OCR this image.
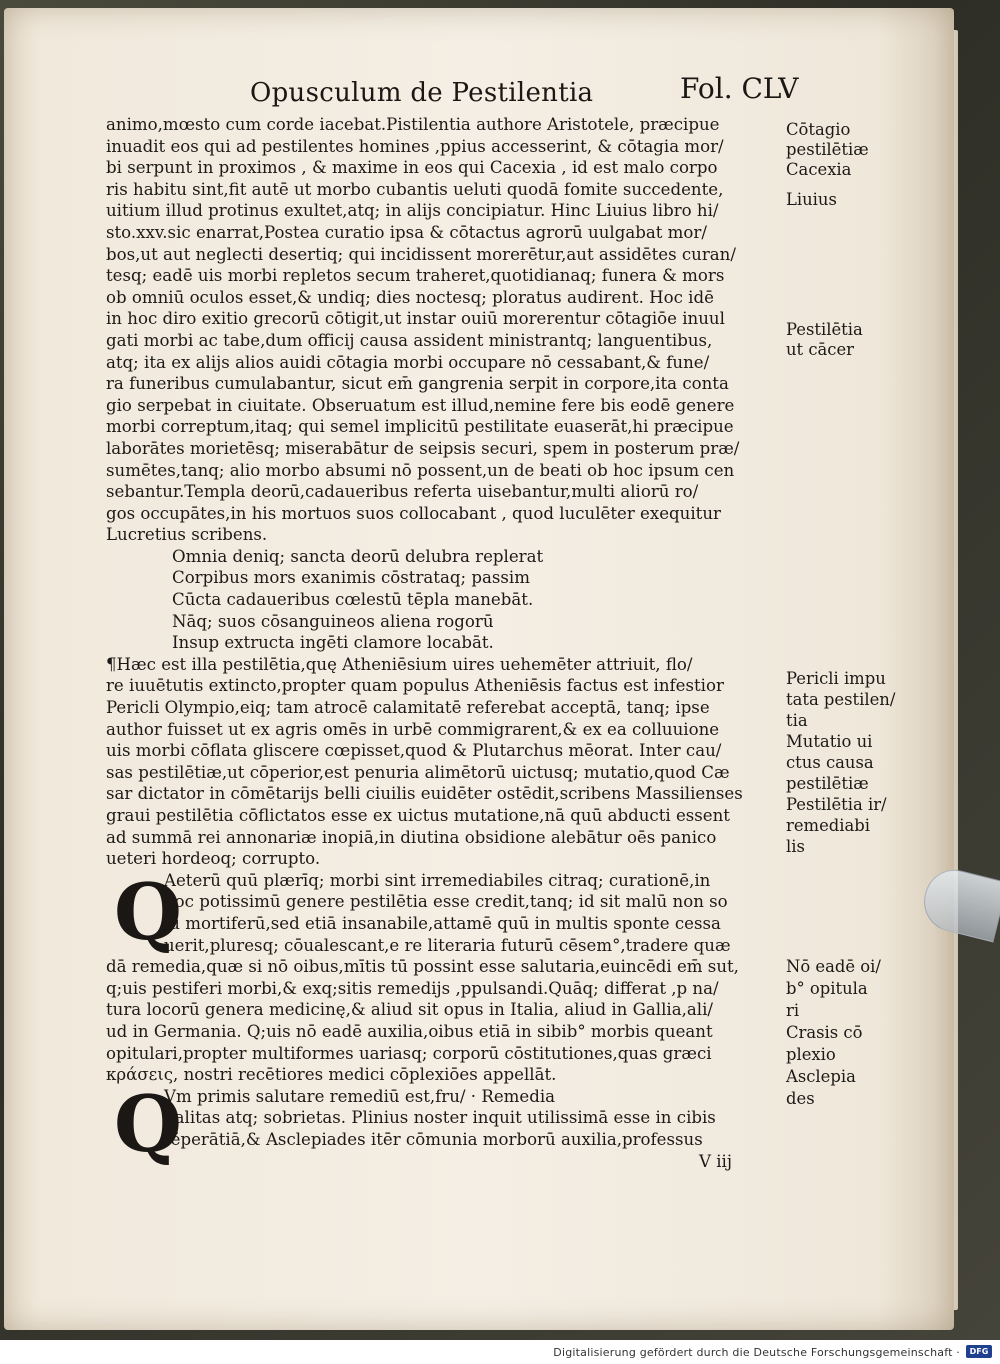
Opusculum de Pestilentia	Fol. CLV
animo,mœsto cum corde iacebat.Pistilentia authore Aristotele, præcipue
inuadit eos qui ad pestilentes homines ,ppius accesserint, & cōtagia mor/
bi serpunt in proximos , & maxime in eos qui Cacexia , id est malo corpo
ris habitu sint,fit autē ut morbo cubantis ueluti quodā fomite succedente,
uitium illud protinus exultet,atq; in alijs concipiatur. Hinc Liuius libro hi/
sto.xxv.sic enarrat,Postea curatio ipsa & cōtactus agrorū uulgabat mor/
bos,ut aut neglecti desertiq; qui incidissent morerētur,aut assidētes curan/
tesq; eadē uis morbi repletos secum traheret,quotidianaq; funera & mors
ob omniū oculos esset,& undiq; dies noctesq; ploratus audirent. Hoc idē
in hoc diro exitio grecorū cōtigit,ut instar ouiū morerentur cōtagiōe inuul
gati morbi ac tabe,dum officij causa assident ministrantq; languentibus,
atq; ita ex alijs alios auidi cōtagia morbi occupare nō cessabant,& fune/
ra funeribus cumulabantur, sicut em̄ gangrenia serpit in corpore,ita conta
gio serpebat in ciuitate. Obseruatum est illud,nemine fere bis eodē genere
morbi correptum,itaq; qui semel implicitū pestilitate euaserāt,hi præcipue
laborātes morietēsq; miserabātur de seipsis securi, spem in posterum præ/
sumētes,tanq; alio morbo absumi nō possent,un de beati ob hoc ipsum cen
sebantur.Templa deorū,cadaueribus referta uisebantur,multi aliorū ro/
gos occupātes,in his mortuos suos collocabant , quod luculēter exequitur
Lucretius scribens.
Omnia deniq; sancta deorū delubra replerat
Corpibus mors exanimis cōstrataq; passim
Cūcta cadaueribus cœlestū tēpla manebāt.
Nāq; suos cōsanguineos aliena rogorū
Insup extructa ingēti clamore locabāt.
¶Hæc est illa pestilētia,quę Atheniēsium uires uehemēter attriuit, flo/
re iuuētutis extincto,propter quam populus Atheniēsis factus est infestior
Pericli Olympio,eiq; tam atrocē calamitatē referebat acceptā, tanq; ipse
author fuisset ut ex agris omēs in urbē commigrarent,& ex ea colluuione
uis morbi cōflata gliscere cœpisset,quod & Plutarchus mēorat. Inter cau/
sas pestilētiæ,ut cōperior,est penuria alimētorū uictusq; mutatio,quod Cæ
sar dictator in cōmētarijs belli ciuilis euidēter ostēdit,scribens Massilienses
graui pestilētia cōflictatos esse ex uictus mutatione,nā quū abducti essent
ad summā rei annonariæ inopiā,in diutina obsidione alebātur oēs panico
ueteri hordeoq; corrupto.
Q
Aeterū quū plærīq; morbi sint irremediabiles citraq; curationē,in
hoc potissimū genere pestilētia esse credit,tanq; id sit malū non so
lū mortiferū,sed etiā insanabile,attamē quū in multis sponte cessa
uerit,pluresq; cōualescant,e re literaria futurū cēsem°,tradere quæ
dā remedia,quæ si nō oibus,mītis tū possint esse salutaria,euincēdi em̄ sut,
q;uis pestiferi morbi,& exq;sitis remedijs ,ppulsandi.Quāq; differat ,p na/
tura locorū genera medicinę,& aliud sit opus in Italia, aliud in Gallia,ali/
ud in Germania. Q;uis nō eadē auxilia,oibus etiā in sibib° morbis queant
opitulari,propter multiformes uariasq; corporū cōstitutiones,quas græci
κράσεις, nostri recētiores medici cōplexiōes appellāt.
Q
Vm primis salutare remediū est,fru/ · Remedia
galitas atq; sobrietas. Plinius noster inquit utilissimā esse in cibis
tēperātiā,& Asclepiades itēr cōmunia morborū auxilia,professus
V iij
Cōtagio
pestilētiæ
Cacexia
Liuius
Pestilētia
ut cācer
Pericli impu
tata pestilen/
tia
Mutatio ui
ctus causa
pestilētiæ
Pestilētia ir/
remediabi
lis
Nō eadē oi/
b° opitula
ri
Crasis cō
plexio
Asclepia
des
Digitalisierung gefördert durch die Deutsche Forschungsgemeinschaft ·	DFG
